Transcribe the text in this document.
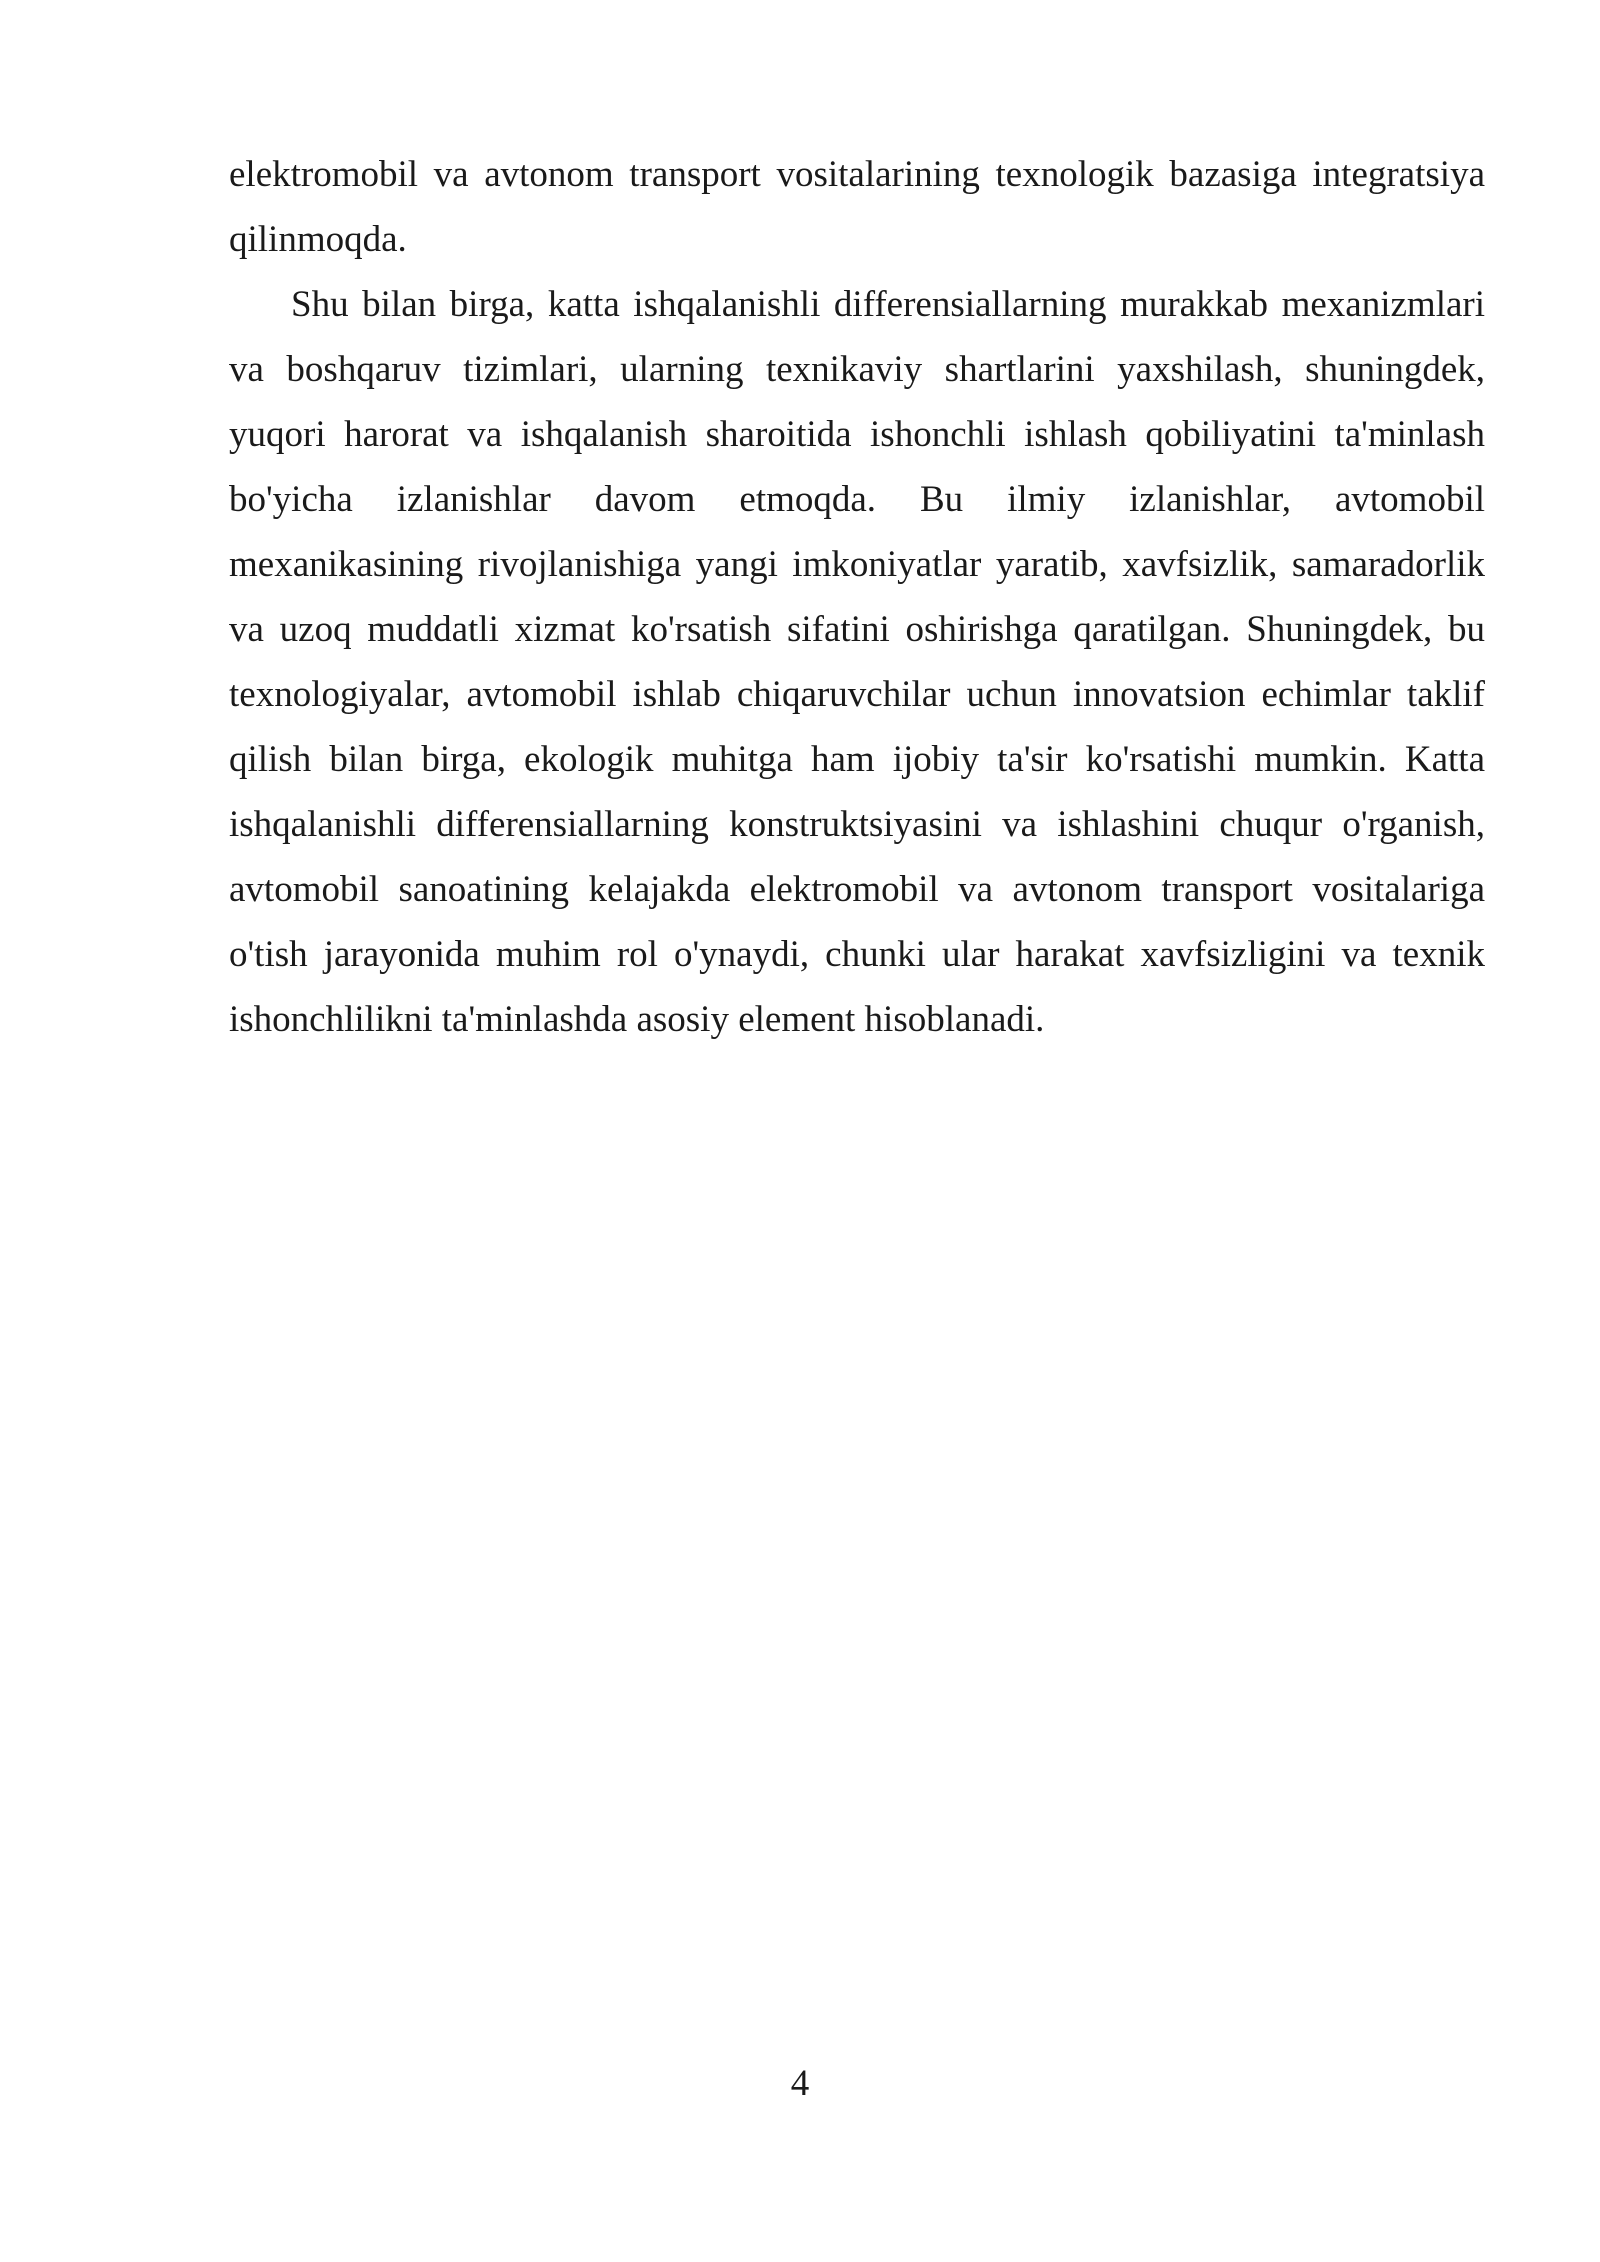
elektromobil va avtonom transport vositalarining texnologik bazasiga integratsiya qilinmoqda.

Shu bilan birga, katta ishqalanishli differensiallarning murakkab mexanizmlari va boshqaruv tizimlari, ularning texnikaviy shartlarini yaxshilash, shuningdek, yuqori harorat va ishqalanish sharoitida ishonchli ishlash qobiliyatini ta'minlash bo'yicha izlanishlar davom etmoqda. Bu ilmiy izlanishlar, avtomobil mexanikasining rivojlanishiga yangi imkoniyatlar yaratib, xavfsizlik, samaradorlik va uzoq muddatli xizmat ko'rsatish sifatini oshirishga qaratilgan. Shuningdek, bu texnologiyalar, avtomobil ishlab chiqaruvchilar uchun innovatsion echimlar taklif qilish bilan birga, ekologik muhitga ham ijobiy ta'sir ko'rsatishi mumkin. Katta ishqalanishli differensiallarning konstruktsiyasini va ishlashini chuqur o'rganish, avtomobil sanoatining kelajakda elektromobil va avtonom transport vositalariga o'tish jarayonida muhim rol o'ynaydi, chunki ular harakat xavfsizligini va texnik ishonchlilikni ta'minlashda asosiy element hisoblanadi.

4
